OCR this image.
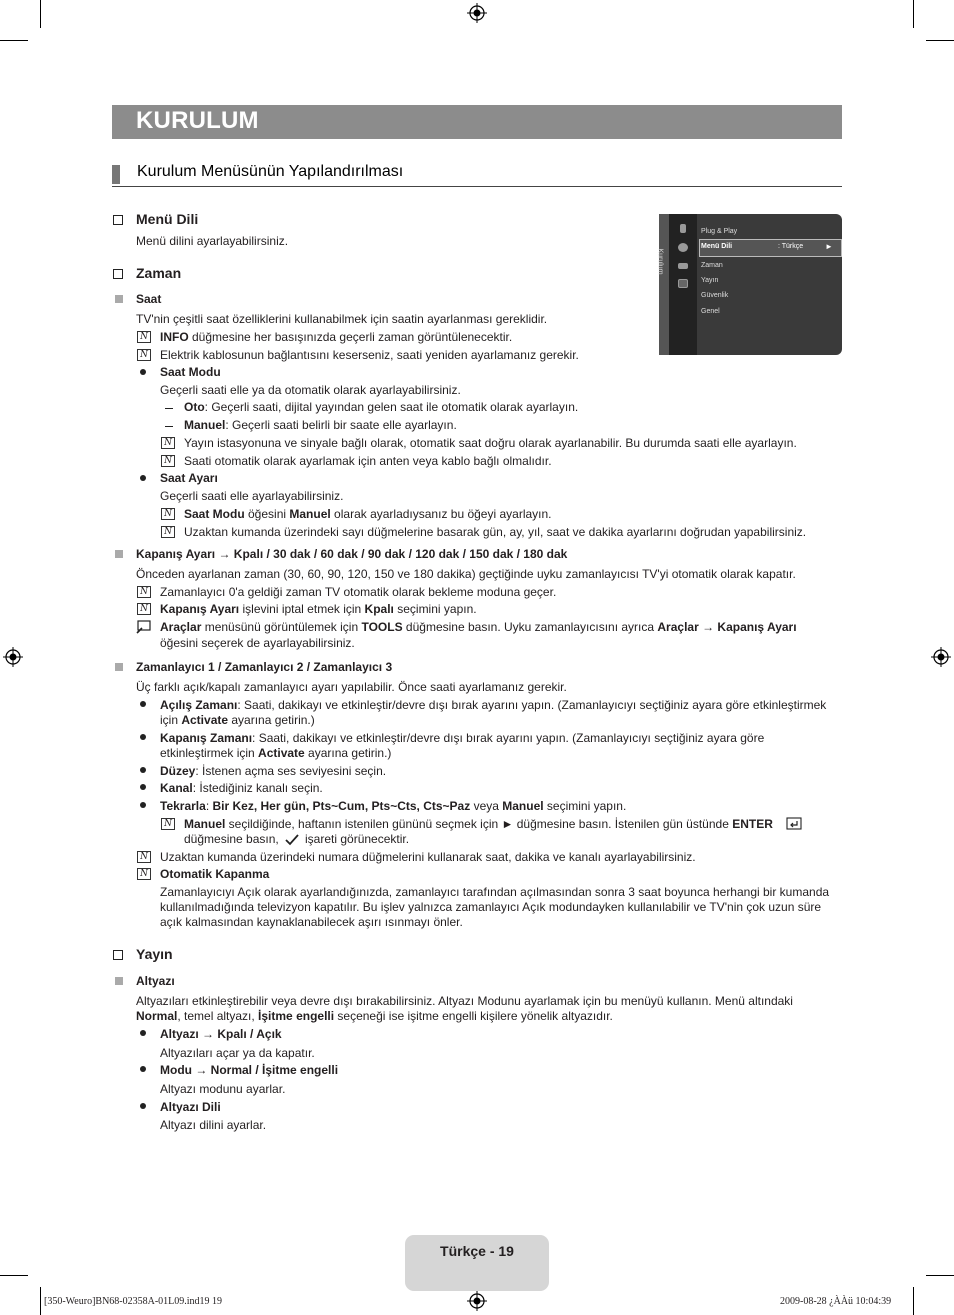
KURULUM
Kurulum Menüsünün Yapılandırılması
Kurulum
Plug & Play
Menü Dili	: Türkçe	►
Zaman
Yayın
Güvenlik
Genel
Menü Dili
Menü dilini ayarlayabilirsiniz.
Zaman
Saat
TV'nin çeşitli saat özelliklerini kullanabilmek için saatin ayarlanması gereklidir.
N INFO düğmesine her basışınızda geçerli zaman görüntülenecektir.
N Elektrik kablosunun bağlantısını keserseniz, saati yeniden ayarlamanız gerekir.
Saat Modu
Geçerli saati elle ya da otomatik olarak ayarlayabilirsiniz.
Oto: Geçerli saati, dijital yayından gelen saat ile otomatik olarak ayarlayın.
Manuel: Geçerli saati belirli bir saate elle ayarlayın.
N Yayın istasyonuna ve sinyale bağlı olarak, otomatik saat doğru olarak ayarlanabilir. Bu durumda saati elle ayarlayın.
N Saati otomatik olarak ayarlamak için anten veya kablo bağlı olmalıdır.
Saat Ayarı
Geçerli saati elle ayarlayabilirsiniz.
N Saat Modu öğesini Manuel olarak ayarladıysanız bu öğeyi ayarlayın.
N Uzaktan kumanda üzerindeki sayı düğmelerine basarak gün, ay, yıl, saat ve dakika ayarlarını doğrudan yapabilirsiniz.
Kapanış Ayarı → Kpalı / 30 dak / 60 dak / 90 dak / 120 dak / 150 dak / 180 dak
Önceden ayarlanan zaman (30, 60, 90, 120, 150 ve 180 dakika) geçtiğinde uyku zamanlayıcısı TV'yi otomatik olarak kapatır.
N Zamanlayıcı 0'a geldiği zaman TV otomatik olarak bekleme moduna geçer.
N Kapanış Ayarı işlevini iptal etmek için Kpalı seçimini yapın.
Araçlar menüsünü görüntülemek için TOOLS düğmesine basın. Uyku zamanlayıcısını ayrıca Araçlar → Kapanış Ayarı
öğesini seçerek de ayarlayabilirsiniz.
Zamanlayıcı 1 / Zamanlayıcı 2 / Zamanlayıcı 3
Üç farklı açık/kapalı zamanlayıcı ayarı yapılabilir. Önce saati ayarlamanız gerekir.
Açılış Zamanı: Saati, dakikayı ve etkinleştir/devre dışı bırak ayarını yapın. (Zamanlayıcıyı seçtiğiniz ayara göre etkinleştirmek
için Activate ayarına getirin.)
Kapanış Zamanı: Saati, dakikayı ve etkinleştir/devre dışı bırak ayarını yapın. (Zamanlayıcıyı seçtiğiniz ayara göre
etkinleştirmek için Activate ayarına getirin.)
Düzey: İstenen açma ses seviyesini seçin.
Kanal: İstediğiniz kanalı seçin.
Tekrarla: Bir Kez, Her gün, Pts~Cum, Pts~Cts, Cts~Paz veya Manuel seçimini yapın.
N Manuel seçildiğinde, haftanın istenilen gününü seçmek için ► düğmesine basın. İstenilen gün üstünde ENTER
düğmesine basın, işareti görünecektir.
N Uzaktan kumanda üzerindeki numara düğmelerini kullanarak saat, dakika ve kanalı ayarlayabilirsiniz.
N Otomatik Kapanma
Zamanlayıcıyı Açık olarak ayarlandığınızda, zamanlayıcı tarafından açılmasından sonra 3 saat boyunca herhangi bir kumanda
kullanılmadığında televizyon kapatılır. Bu işlev yalnızca zamanlayıcı Açık modundayken kullanılabilir ve TV'nin çok uzun süre
açık kalmasından kaynaklanabilecek aşırı ısınmayı önler.
Yayın
Altyazı
Altyazıları etkinleştirebilir veya devre dışı bırakabilirsiniz. Altyazı Modunu ayarlamak için bu menüyü kullanın. Menü altındaki
Normal, temel altyazı, İşitme engelli seçeneği ise işitme engelli kişilere yönelik altyazıdır.
Altyazı → Kpalı / Açık
Altyazıları açar ya da kapatır.
Modu → Normal / İşitme engelli
Altyazı modunu ayarlar.
Altyazı Dili
Altyazı dilini ayarlar.
Türkçe - 19
[350-Weuro]BN68-02358A-01L09.ind19 19	2009-08-28 ¿ÀÀü 10:04:39
